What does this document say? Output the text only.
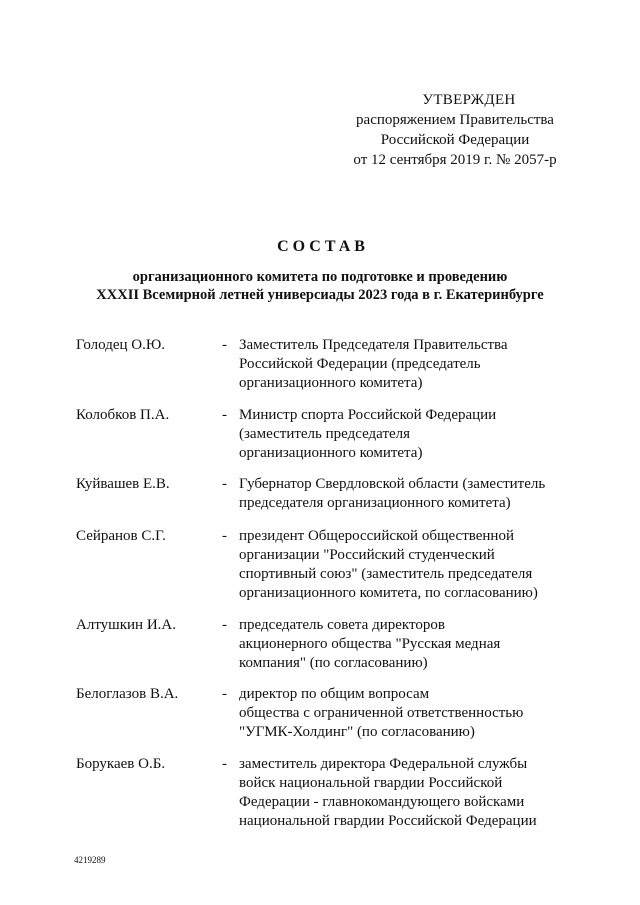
УТВЕРЖДЕН
распоряжением Правительства
Российской Федерации
от 12 сентября 2019 г. № 2057-р
СОСТАВ
организационного комитета по подготовке и проведению
XXXII Всемирной летней универсиады 2023 года в г. Екатеринбурге
Голодец О.Ю.	- Заместитель Председателя Правительства
Российской Федерации (председатель
организационного комитета)
Колобков П.А.	- Министр спорта Российской Федерации
(заместитель председателя
организационного комитета)
Куйвашев Е.В.	- Губернатор Свердловской области (заместитель
председателя организационного комитета)
Сейранов С.Г.	- президент Общероссийской общественной
организации "Российский студенческий
спортивный союз" (заместитель председателя
организационного комитета, по согласованию)
Алтушкин И.А.	- председатель совета директоров
акционерного общества "Русская медная
компания" (по согласованию)
Белоглазов В.А.	- директор по общим вопросам
общества с ограниченной ответственностью
"УГМК-Холдинг" (по согласованию)
Борукаев О.Б.	- заместитель директора Федеральной службы
войск национальной гвардии Российской
Федерации - главнокомандующего войсками
национальной гвардии Российской Федерации
4219289
